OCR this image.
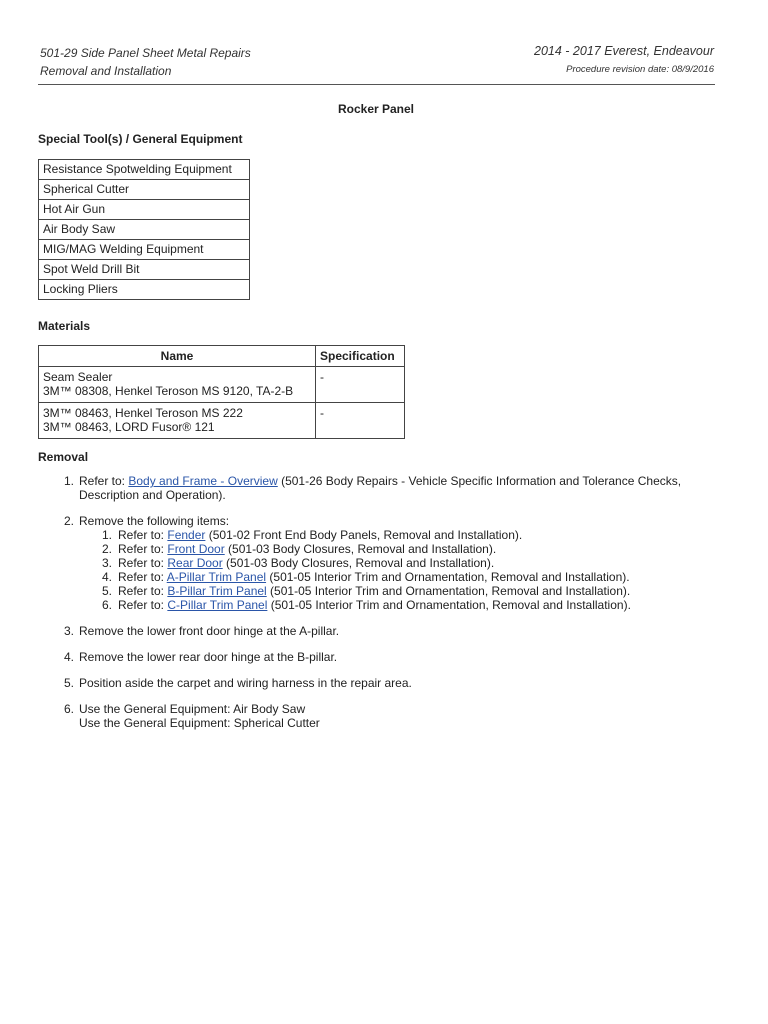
501-29 Side Panel Sheet Metal Repairs
Removal and Installation
2014 - 2017 Everest, Endeavour
Procedure revision date: 08/9/2016
Rocker Panel
Special Tool(s) / General Equipment
Resistance Spotwelding Equipment
Spherical Cutter
Hot Air Gun
Air Body Saw
MIG/MAG Welding Equipment
Spot Weld Drill Bit
Locking Pliers
Materials
Name	Specification

Seam Sealer
3M™ 08308, Henkel Teroson MS 9120, TA-2-B	-

3M™ 08463, Henkel Teroson MS 222
3M™ 08463, LORD Fusor® 121	-
Removal
1. Refer to: Body and Frame - Overview (501-26 Body Repairs - Vehicle Specific Information and Tolerance Checks, Description and Operation).
2. Remove the following items:
1. Refer to: Fender (501-02 Front End Body Panels, Removal and Installation).
2. Refer to: Front Door (501-03 Body Closures, Removal and Installation).
3. Refer to: Rear Door (501-03 Body Closures, Removal and Installation).
4. Refer to: A-Pillar Trim Panel (501-05 Interior Trim and Ornamentation, Removal and Installation).
5. Refer to: B-Pillar Trim Panel (501-05 Interior Trim and Ornamentation, Removal and Installation).
6. Refer to: C-Pillar Trim Panel (501-05 Interior Trim and Ornamentation, Removal and Installation).
3. Remove the lower front door hinge at the A-pillar.
4. Remove the lower rear door hinge at the B-pillar.
5. Position aside the carpet and wiring harness in the repair area.
6. Use the General Equipment: Air Body Saw
Use the General Equipment: Spherical Cutter
